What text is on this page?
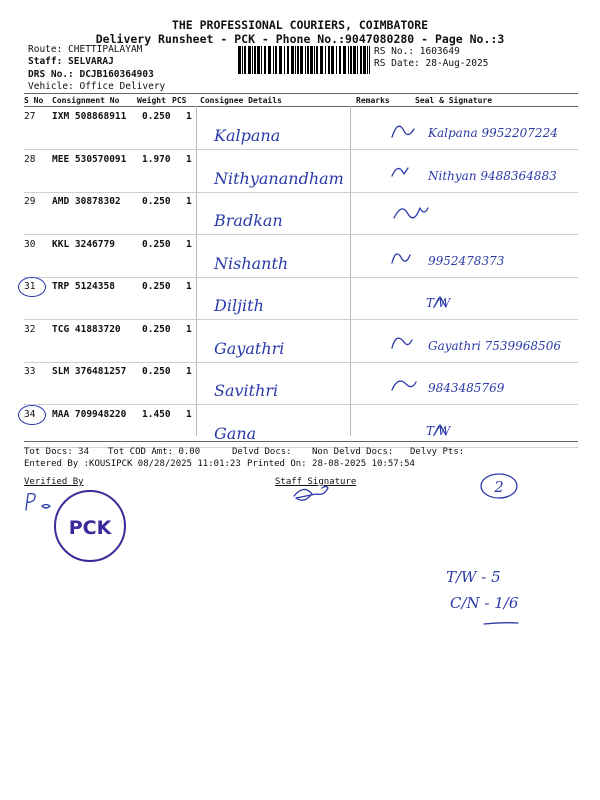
THE PROFESSIONAL COURIERS, COIMBATORE
Delivery Runsheet - PCK - Phone No.:9047080280 - Page No.:3
Route: CHETTIPALAYAM
Staff: SELVARAJ
DRS No.: DCJB160364903
Vehicle: Office Delivery
RS No.: 1603649
RS Date: 28-Aug-2025
S No Consignment No Weight PCS Consignee Details	Remarks	Seal & Signature
27 IXM 508868911 0.250 1
Kalpana	Kalpana 9952207224
28 MEE 530570091 1.970 1
Nithyanandham	Nithyan 9488364883
29 AMD 30878302 0.250 1
Bradkan
30 KKL 3246779	0.250 1
Nishanth	9952478373
31 TRP 5124358	0.250 1
Diljith	T/W
32 TCG 41883720 0.250 1
Gayathri	Gayathri 7539968506
33 SLM 376481257 0.250 1
Savithri	9843485769
34 MAA 709948220 1.450 1
Gana	T/W
Tot Docs: 34 Tot COD Amt: 0.00	Delvd Docs: Non Delvd Docs: Delvy Pts:
Entered By :KOUSIPCK 08/28/2025 11:01:23 Printed On: 28-08-2025 10:57:54
Verified By	Staff Signature
PCK
2
T/W - 5
C/N - 1/6
